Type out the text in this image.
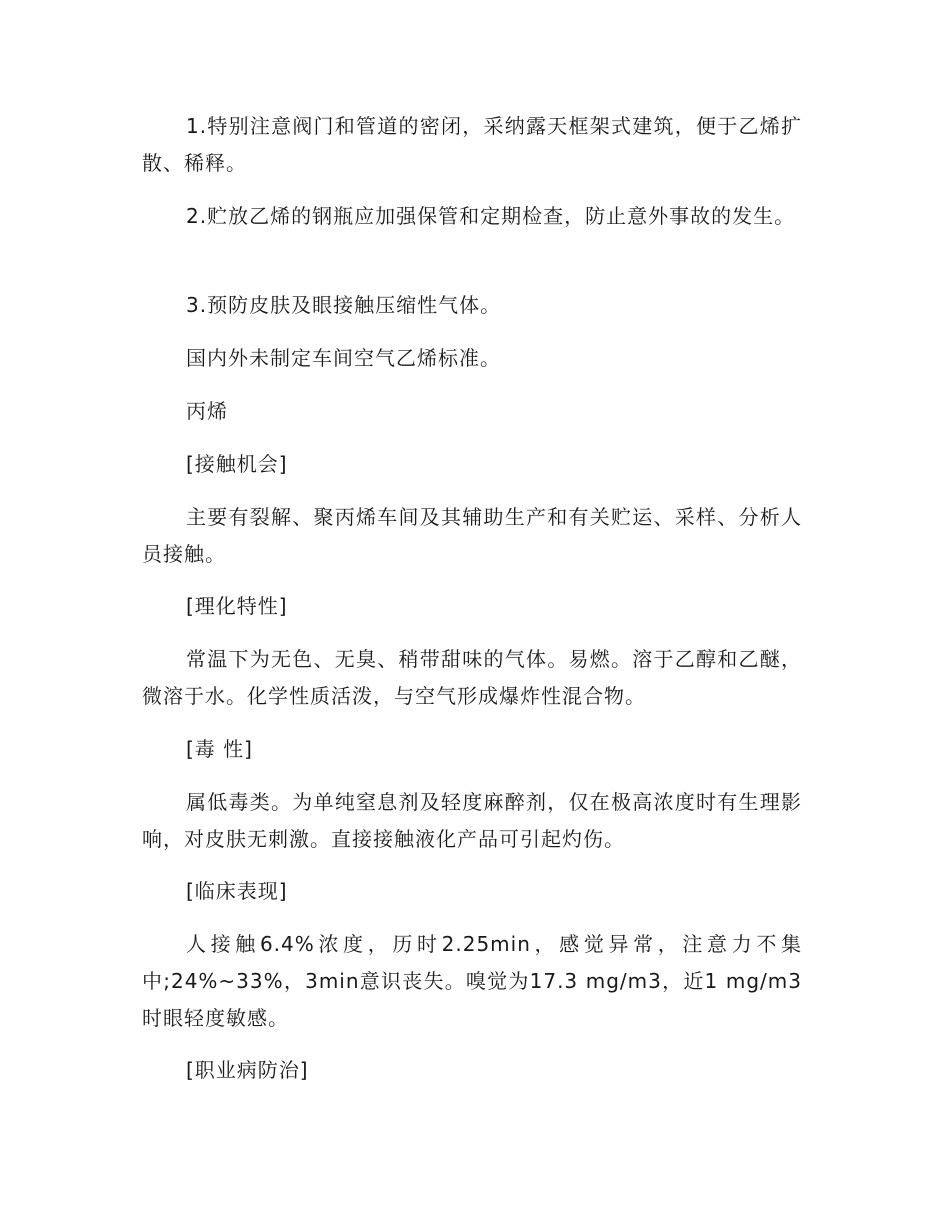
1.特别注意阀门和管道的密闭，采纳露天框架式建筑，便于乙烯扩散、稀释。

2.贮放乙烯的钢瓶应加强保管和定期检查，防止意外事故的发生。

3.预防皮肤及眼接触压缩性气体。

国内外未制定车间空气乙烯标准。

丙烯

[接触机会]

主要有裂解、聚丙烯车间及其辅助生产和有关贮运、采样、分析人员接触。

[理化特性]

常温下为无色、无臭、稍带甜味的气体。易燃。溶于乙醇和乙醚，微溶于水。化学性质活泼，与空气形成爆炸性混合物。

[毒 性]

属低毒类。为单纯窒息剂及轻度麻醉剂，仅在极高浓度时有生理影响，对皮肤无刺激。直接接触液化产品可引起灼伤。

[临床表现]

人接触6.4%浓度，历时2.25min，感觉异常，注意力不集中;24%~33%，3min意识丧失。嗅觉为17.3 mg/m3，近1 mg/m3时眼轻度敏感。

[职业病防治]
